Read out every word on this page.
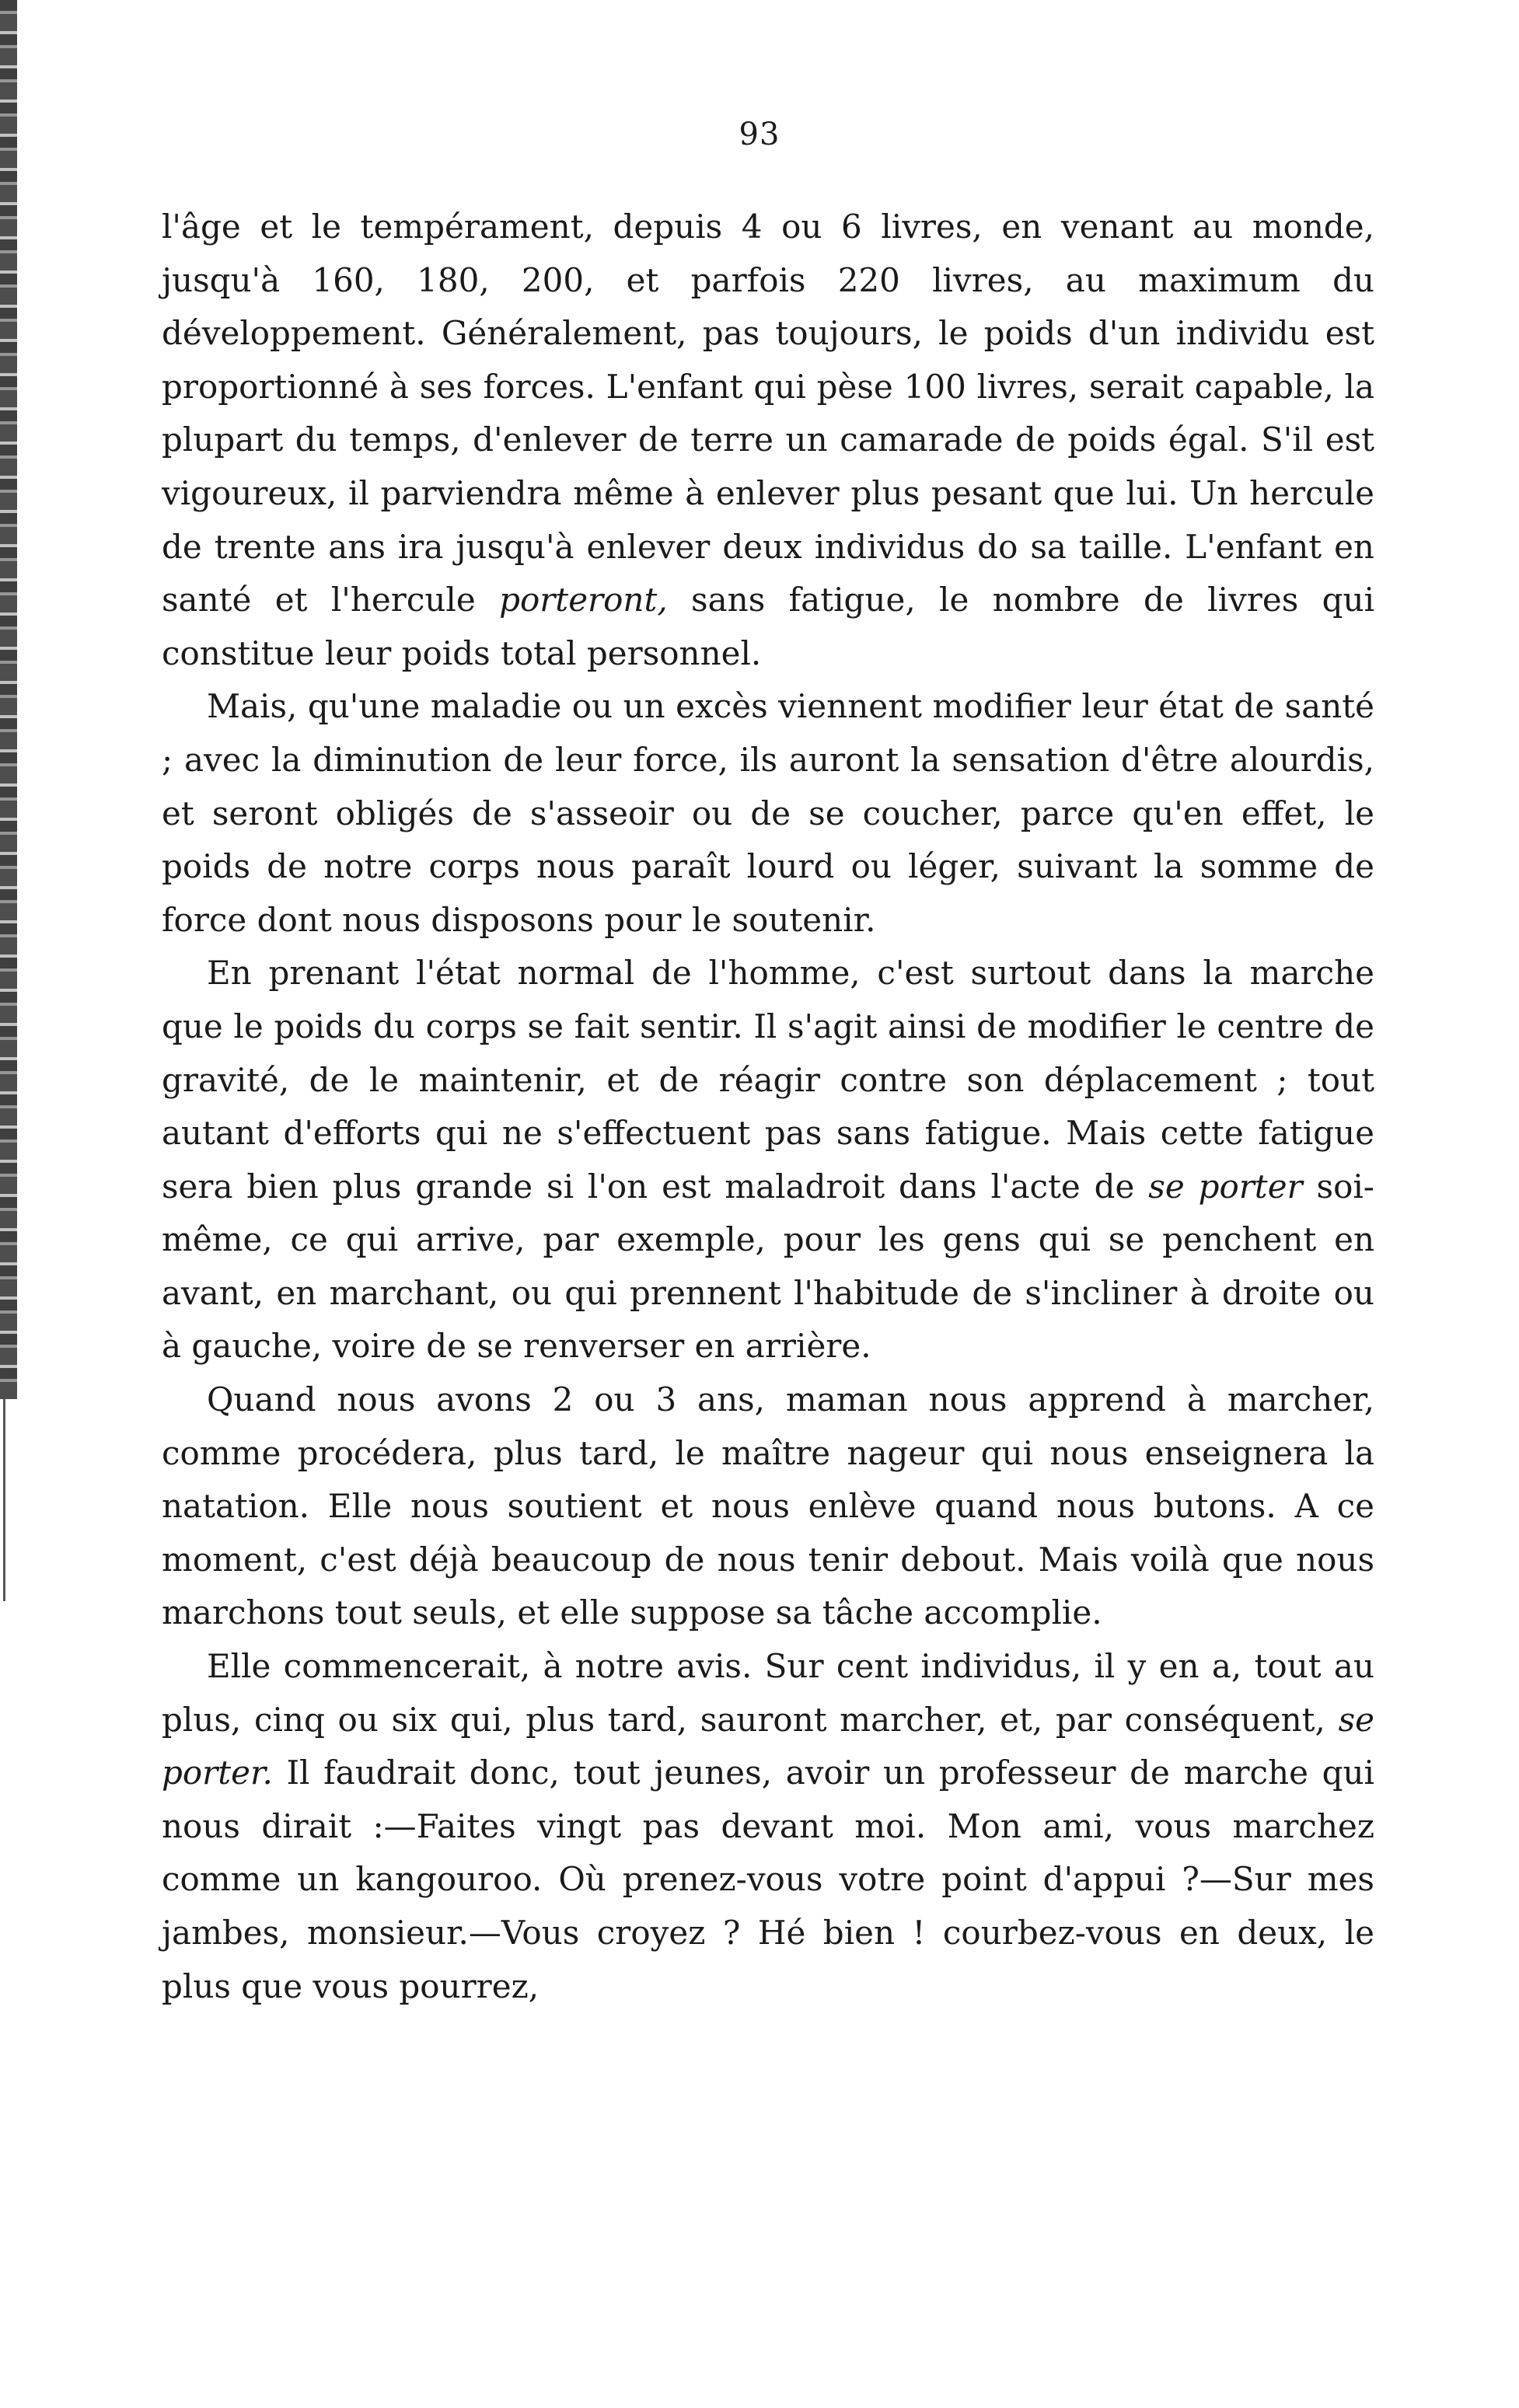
93

l'âge et le tempérament, depuis 4 ou 6 livres, en venant au monde, jusqu'à 160, 180, 200, et parfois 220 livres, au maximum du développement. Généralement, pas toujours, le poids d'un individu est proportionné à ses forces. L'enfant qui pèse 100 livres, serait capable, la plupart du temps, d'enlever de terre un camarade de poids égal. S'il est vigoureux, il parviendra même à enlever plus pesant que lui. Un hercule de trente ans ira jusqu'à enlever deux individus do sa taille. L'enfant en santé et l'hercule porteront, sans fatigue, le nombre de livres qui constitue leur poids total personnel.

Mais, qu'une maladie ou un excès viennent modifier leur état de santé ; avec la diminution de leur force, ils auront la sensation d'être alourdis, et seront obligés de s'asseoir ou de se coucher, parce qu'en effet, le poids de notre corps nous paraît lourd ou léger, suivant la somme de force dont nous disposons pour le soutenir.

En prenant l'état normal de l'homme, c'est surtout dans la marche que le poids du corps se fait sentir. Il s'agit ainsi de modifier le centre de gravité, de le maintenir, et de réagir contre son déplacement ; tout autant d'efforts qui ne s'effectuent pas sans fatigue. Mais cette fatigue sera bien plus grande si l'on est maladroit dans l'acte de se porter soi-même, ce qui arrive, par exemple, pour les gens qui se penchent en avant, en marchant, ou qui prennent l'habitude de s'incliner à droite ou à gauche, voire de se renverser en arrière.

Quand nous avons 2 ou 3 ans, maman nous apprend à marcher, comme procédera, plus tard, le maître nageur qui nous enseignera la natation. Elle nous soutient et nous enlève quand nous butons. A ce moment, c'est déjà beaucoup de nous tenir debout. Mais voilà que nous marchons tout seuls, et elle suppose sa tâche accomplie.

Elle commencerait, à notre avis. Sur cent individus, il y en a, tout au plus, cinq ou six qui, plus tard, sauront marcher, et, par conséquent, se porter. Il faudrait donc, tout jeunes, avoir un professeur de marche qui nous dirait :—Faites vingt pas devant moi. Mon ami, vous marchez comme un kangouroo. Où prenez-vous votre point d'appui ?—Sur mes jambes, monsieur.—Vous croyez ? Hé bien ! courbez-vous en deux, le plus que vous pourrez,
